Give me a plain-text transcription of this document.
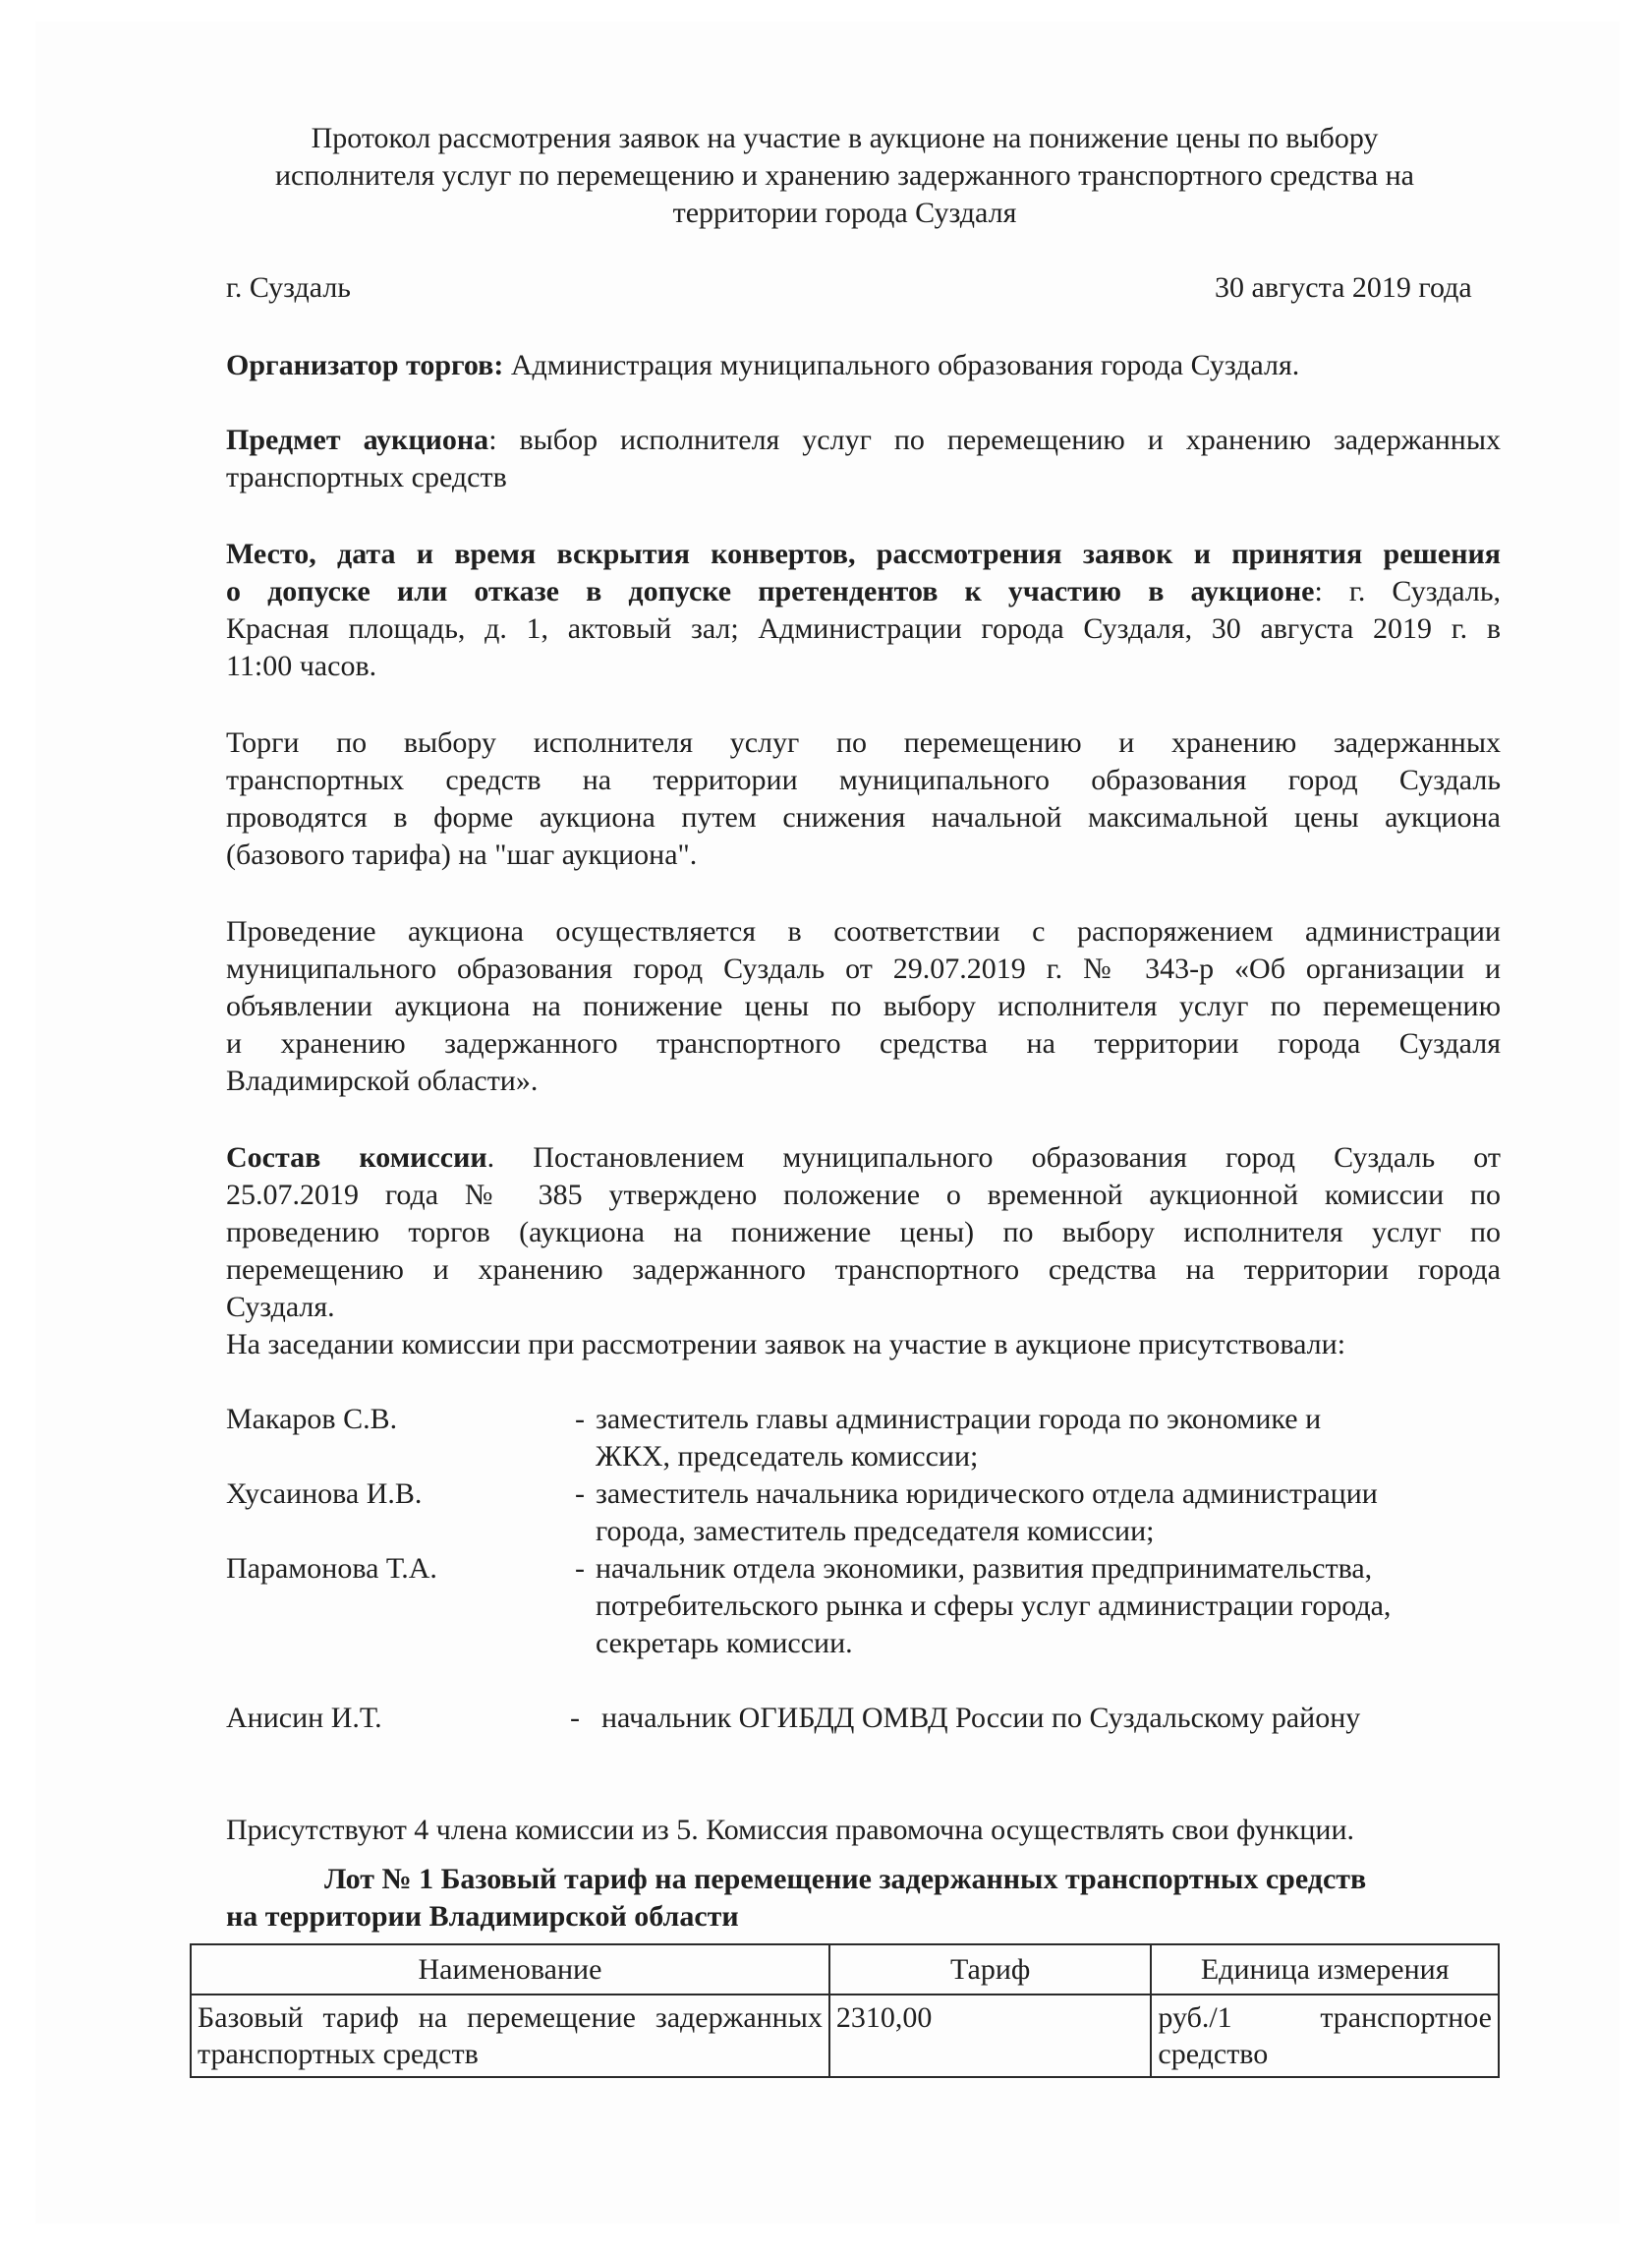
Протокол рассмотрения заявок на участие в аукционе на понижение цены по выбору
исполнителя услуг по перемещению и хранению задержанного транспортного средства на
территории города Суздаля
г. Суздаль	30 августа 2019 года
Организатор торгов: Администрация муниципального образования города Суздаля.
Предмет аукциона: выбор исполнителя услуг по перемещению и хранению задержанных
транспортных средств
Место, дата и время вскрытия конвертов, рассмотрения заявок и принятия решения
о допуске или отказе в допуске претендентов к участию в аукционе: г. Суздаль,
Красная площадь, д. 1, актовый зал; Администрации города Суздаля, 30 августа 2019 г. в
11:00 часов.
Торги по выбору исполнителя услуг по перемещению и хранению задержанных
транспортных средств на территории муниципального образования город Суздаль
проводятся в форме аукциона путем снижения начальной максимальной цены аукциона
(базового тарифа) на "шаг аукциона".
Проведение аукциона осуществляется в соответствии с распоряжением администрации
муниципального образования город Суздаль от 29.07.2019 г. № 343-р «Об организации и
объявлении аукциона на понижение цены по выбору исполнителя услуг по перемещению
и хранению задержанного транспортного средства на территории города Суздаля
Владимирской области».
Состав комиссии. Постановлением муниципального образования город Суздаль от
25.07.2019 года № 385 утверждено положение о временной аукционной комиссии по
проведению торгов (аукциона на понижение цены) по выбору исполнителя услуг по
перемещению и хранению задержанного транспортного средства на территории города
Суздаля.
На заседании комиссии при рассмотрении заявок на участие в аукционе присутствовали:
Макаров С.В.	- заместитель главы администрации города по экономике и
ЖКХ, председатель комиссии;
Хусаинова И.В.	- заместитель начальника юридического отдела администрации
города, заместитель председателя комиссии;
Парамонова Т.А.	- начальник отдела экономики, развития предпринимательства,
потребительского рынка и сферы услуг администрации города,
секретарь комиссии.
Анисин И.Т.	- начальник ОГИБДД ОМВД России по Суздальскому району
Присутствуют 4 члена комиссии из 5. Комиссия правомочна осуществлять свои функции.
Лот № 1 Базовый тариф на перемещение задержанных транспортных средств
на территории Владимирской области
Наименование	Тариф	Единица измерения
Базовый тариф на перемещение задержанных транспортных средств	2310,00	руб./1 транспортное средство
